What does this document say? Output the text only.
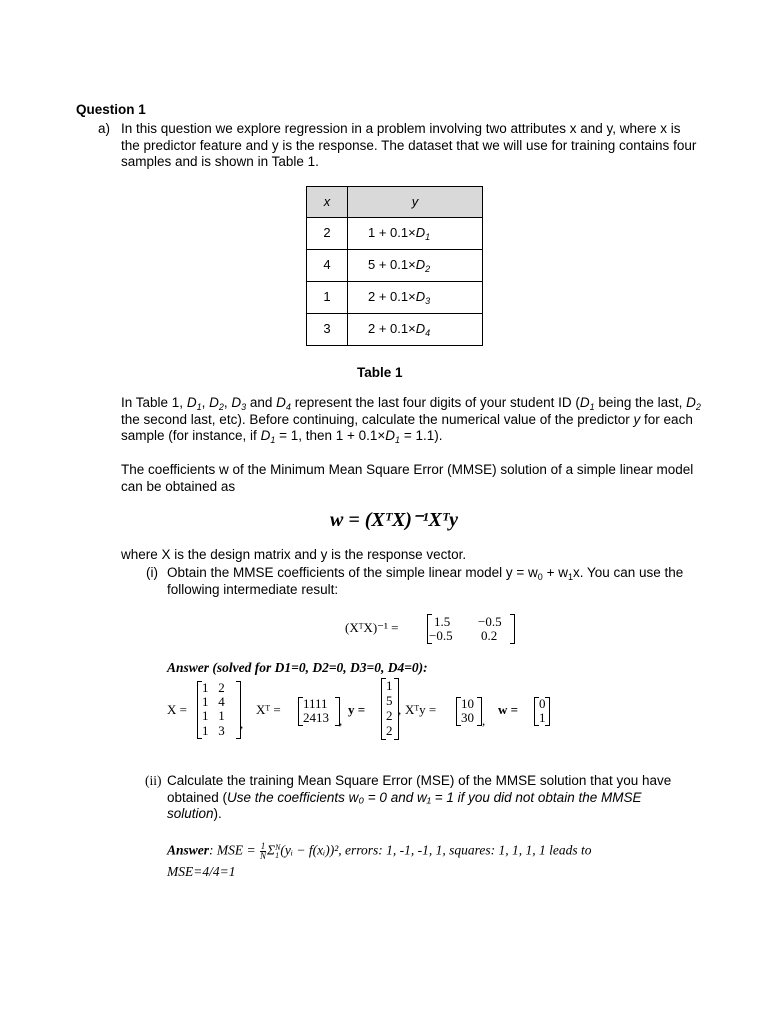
Question 1
a) In this question we explore regression in a problem involving two attributes x and y, where x is the predictor feature and y is the response. The dataset that we will use for training contains four samples and is shown in Table 1.

x	y
2	$1 + 0.1\times D_1$
4	$5 + 0.1\times D_2$
1	$2 + 0.1\times D_3$
3	$2 + 0.1\times D_4$
Table 1

In Table 1, $D_1$, $D_2$, $D_3$ and $D_4$ represent the last four digits of your student ID ($D_1$ being the last, $D_2$ the second last, etc). Before continuing, calculate the numerical value of the predictor y for each sample (for instance, if $D_1 = 1$, then $1 + 0.1\times D_1 = 1.1$).

The coefficients w of the Minimum Mean Square Error (MMSE) solution of a simple linear model can be obtained as

w = (XᵀX)⁻¹Xᵀy

where X is the design matrix and y is the response vector.

(i) Obtain the MMSE coefficients of the simple linear model $y = w_0 + w_1x$. You can use the following intermediate result:

(XᵀX)⁻¹ =	1.5 −0.5
−0.5 0.2
Answer (solved for D1=0, D2=0, D3=0, D4=0):
X =
1   2
1   4
1   1
1   3 ,
Xᵀ = 1111
2413 ,
y =
1
5
2
2
, Xᵀy = 10
30 ,
w = 0
1
(ii) Calculate the training Mean Square Error (MSE) of the MMSE solution that you have obtained (Use the coefficients w₀ = 0 and w₁ = 1 if you did not obtain the MMSE solution).

Answer: MSE = $\frac{1}{N}$ Σ N
1 (yᵢ − f(xᵢ))², errors: 1, -1, -1, 1, squares: 1, 1, 1, 1 leads to
MSE=4/4=1
